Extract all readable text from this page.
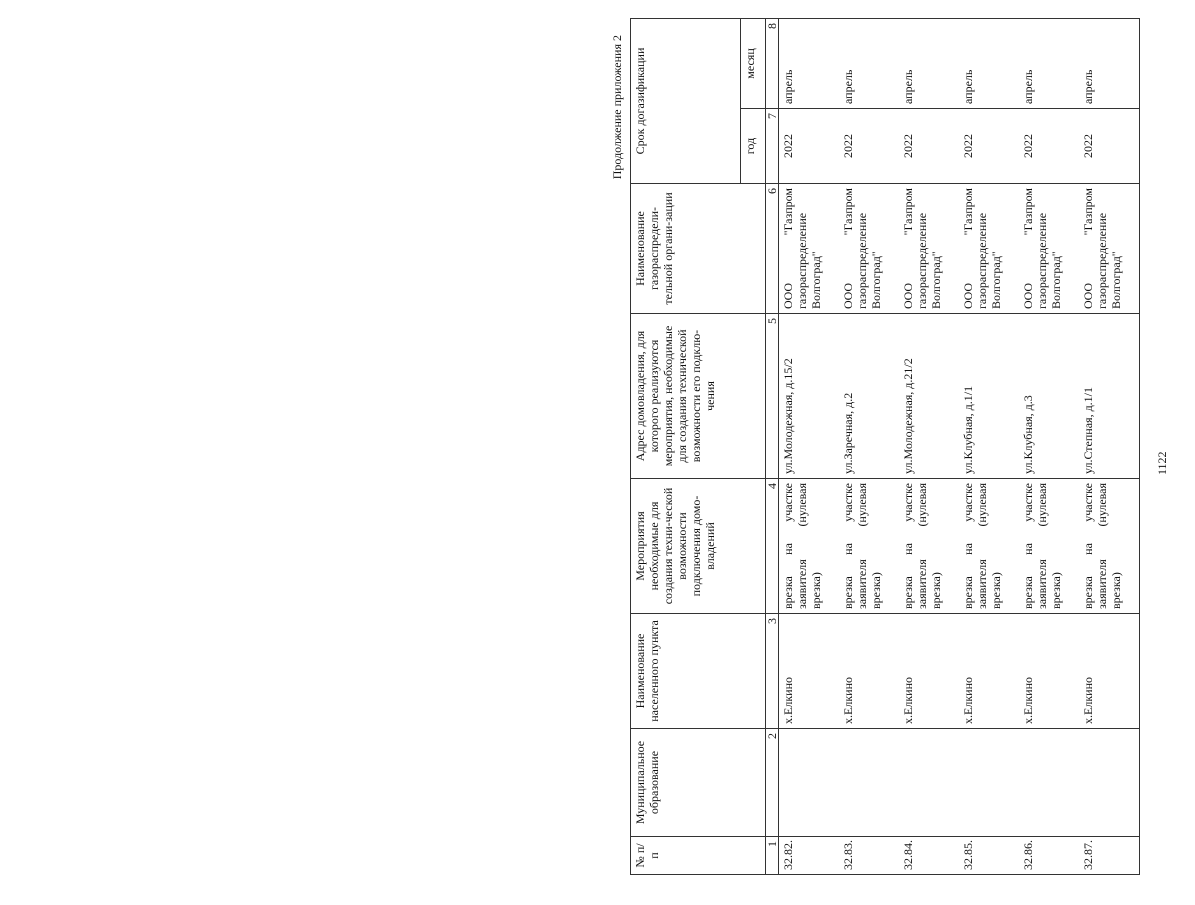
1122
Продолжение приложения 2
№ п/п	Муниципальное образование	Наименование населенного пункта	Мероприятия необходимые для создания техни-ческой возможности подключения домо-владений	Адрес домовладения, для которого реализуются мероприятия, необходимые для создания технической возможности его подклю-чения	Наименование газораспредели-тельной органи-зации	Срок догазификации	
						год	месяц
1	2	3	4	5	6	7	8
32.82.		х.Елкино	врезка на участке заявителя (нулевая врезка)	ул.Молодежная, д.15/2	ООО "Газпром газораспределение Волгоград"	2022	апрель
32.83.		х.Елкино	врезка на участке заявителя (нулевая врезка)	ул.Заречная, д.2	ООО "Газпром газораспределение Волгоград"	2022	апрель
32.84.		х.Елкино	врезка на участке заявителя (нулевая врезка)	ул.Молодежная, д.21/2	ООО "Газпром газораспределение Волгоград"	2022	апрель
32.85.		х.Елкино	врезка на участке заявителя (нулевая врезка)	ул.Клубная, д.1/1	ООО "Газпром газораспределение Волгоград"	2022	апрель
32.86.		х.Елкино	врезка на участке заявителя (нулевая врезка)	ул.Клубная, д.3	ООО "Газпром газораспределение Волгоград"	2022	апрель
32.87.		х.Елкино	врезка на участке заявителя (нулевая врезка)	ул.Степная, д.1/1	ООО "Газпром газораспределение Волгоград"	2022	апрель
